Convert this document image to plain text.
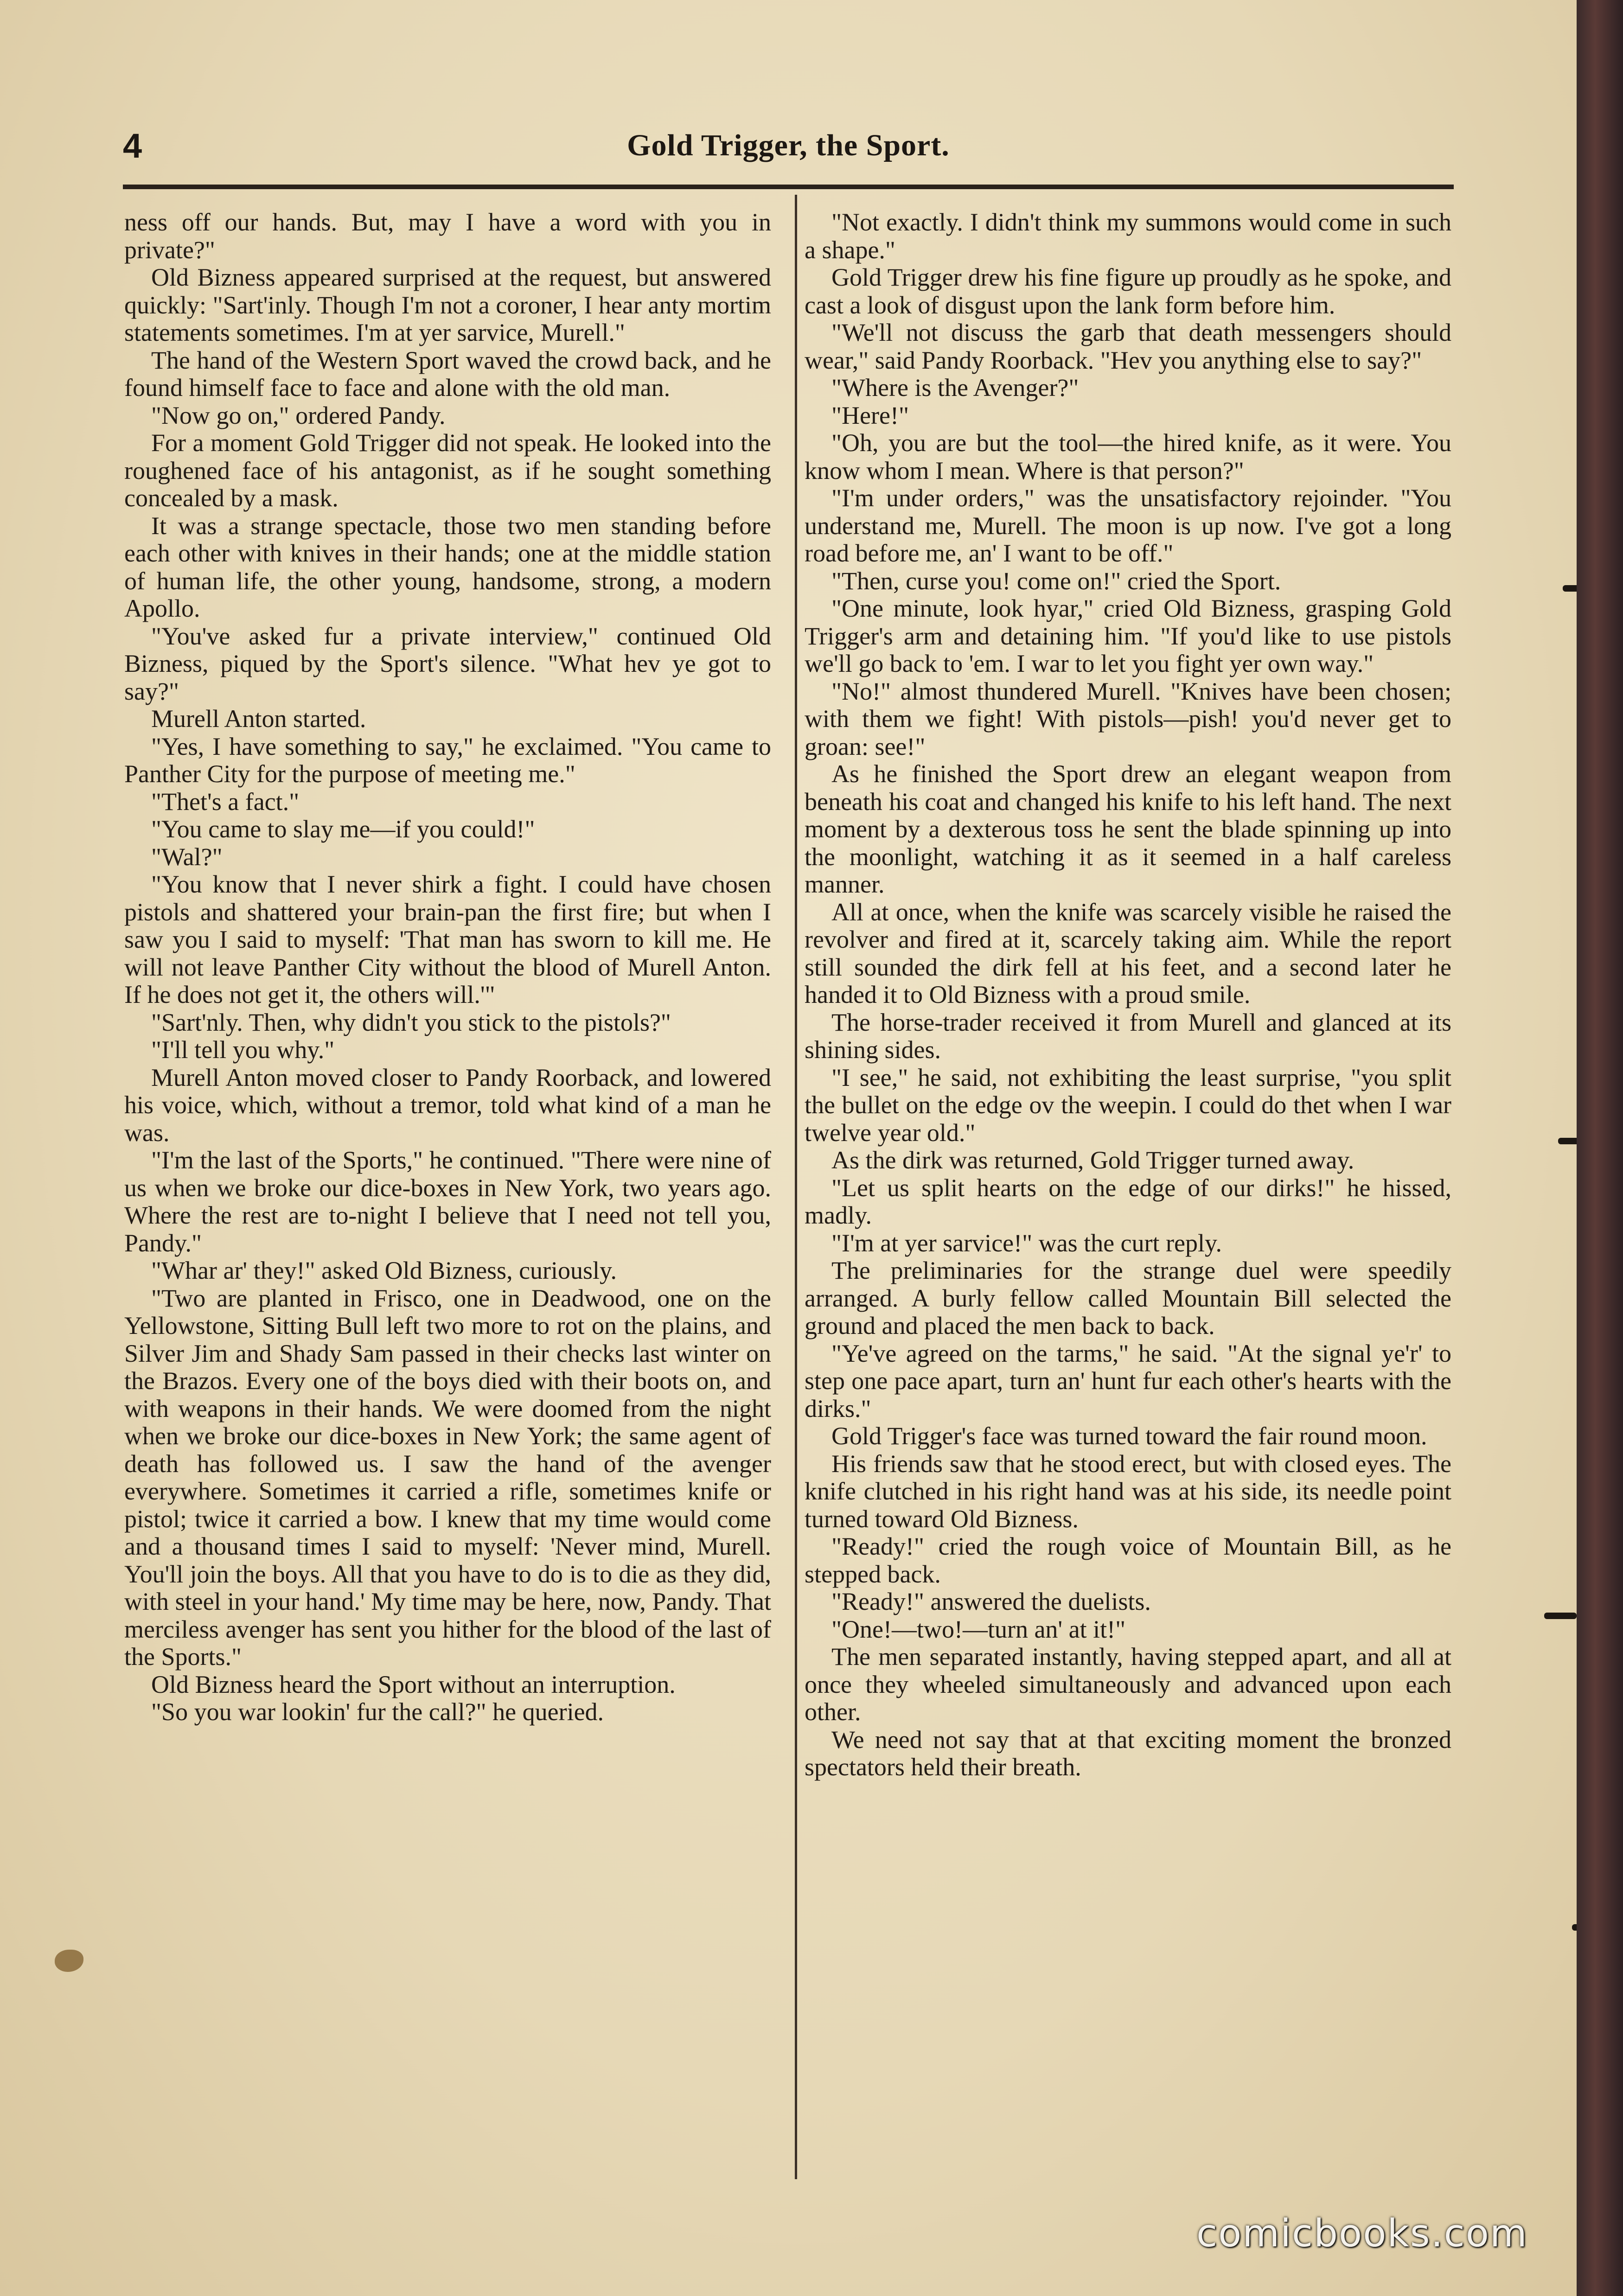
4	Gold Trigger, the Sport.

ness off our hands. But, may I have a word with you in private?"

Old Bizness appeared surprised at the request, but answered quickly: "Sart'inly. Though I'm not a coroner, I hear anty mortim statements sometimes. I'm at yer sarvice, Murell."

The hand of the Western Sport waved the crowd back, and he found himself face to face and alone with the old man.

"Now go on," ordered Pandy.

For a moment Gold Trigger did not speak. He looked into the roughened face of his antagonist, as if he sought something concealed by a mask.

It was a strange spectacle, those two men standing before each other with knives in their hands; one at the middle station of human life, the other young, handsome, strong, a modern Apollo.

"You've asked fur a private interview," continued Old Bizness, piqued by the Sport's silence. "What hev ye got to say?"

Murell Anton started.

"Yes, I have something to say," he exclaimed. "You came to Panther City for the purpose of meeting me."

"Thet's a fact."

"You came to slay me—if you could!"

"Wal?"

"You know that I never shirk a fight. I could have chosen pistols and shattered your brain-pan the first fire; but when I saw you I said to myself: 'That man has sworn to kill me. He will not leave Panther City without the blood of Murell Anton. If he does not get it, the others will.'"

"Sart'nly. Then, why didn't you stick to the pistols?"

"I'll tell you why."

Murell Anton moved closer to Pandy Roorback, and lowered his voice, which, without a tremor, told what kind of a man he was.

"I'm the last of the Sports," he continued. "There were nine of us when we broke our dice-boxes in New York, two years ago. Where the rest are to-night I believe that I need not tell you, Pandy."

"Whar ar' they!" asked Old Bizness, curiously.

"Two are planted in Frisco, one in Deadwood, one on the Yellowstone, Sitting Bull left two more to rot on the plains, and Silver Jim and Shady Sam passed in their checks last winter on the Brazos. Every one of the boys died with their boots on, and with weapons in their hands. We were doomed from the night when we broke our dice-boxes in New York; the same agent of death has followed us. I saw the hand of the avenger everywhere. Sometimes it carried a rifle, sometimes knife or pistol; twice it carried a bow. I knew that my time would come and a thousand times I said to myself: 'Never mind, Murell. You'll join the boys. All that you have to do is to die as they did, with steel in your hand.' My time may be here, now, Pandy. That merciless avenger has sent you hither for the blood of the last of the Sports."

Old Bizness heard the Sport without an interruption.

"So you war lookin' fur the call?" he queried.

"Not exactly. I didn't think my summons would come in such a shape."

Gold Trigger drew his fine figure up proudly as he spoke, and cast a look of disgust upon the lank form before him.

"We'll not discuss the garb that death messengers should wear," said Pandy Roorback. "Hev you anything else to say?"

"Where is the Avenger?"

"Here!"

"Oh, you are but the tool—the hired knife, as it were. You know whom I mean. Where is that person?"

"I'm under orders," was the unsatisfactory rejoinder. "You understand me, Murell. The moon is up now. I've got a long road before me, an' I want to be off."

"Then, curse you! come on!" cried the Sport.

"One minute, look hyar," cried Old Bizness, grasping Gold Trigger's arm and detaining him. "If you'd like to use pistols we'll go back to 'em. I war to let you fight yer own way."

"No!" almost thundered Murell. "Knives have been chosen; with them we fight! With pistols—pish! you'd never get to groan: see!"

As he finished the Sport drew an elegant weapon from beneath his coat and changed his knife to his left hand. The next moment by a dexterous toss he sent the blade spinning up into the moonlight, watching it as it seemed in a half careless manner.

All at once, when the knife was scarcely visible he raised the revolver and fired at it, scarcely taking aim. While the report still sounded the dirk fell at his feet, and a second later he handed it to Old Bizness with a proud smile.

The horse-trader received it from Murell and glanced at its shining sides.

"I see," he said, not exhibiting the least surprise, "you split the bullet on the edge ov the weepin. I could do thet when I war twelve year old."

As the dirk was returned, Gold Trigger turned away.

"Let us split hearts on the edge of our dirks!" he hissed, madly.

"I'm at yer sarvice!" was the curt reply.

The preliminaries for the strange duel were speedily arranged. A burly fellow called Mountain Bill selected the ground and placed the men back to back.

"Ye've agreed on the tarms," he said. "At the signal ye'r' to step one pace apart, turn an' hunt fur each other's hearts with the dirks."

Gold Trigger's face was turned toward the fair round moon.

His friends saw that he stood erect, but with closed eyes. The knife clutched in his right hand was at his side, its needle point turned toward Old Bizness.

"Ready!" cried the rough voice of Mountain Bill, as he stepped back.

"Ready!" answered the duelists.

"One!—two!—turn an' at it!"

The men separated instantly, having stepped apart, and all at once they wheeled simultaneously and advanced upon each other.

We need not say that at that exciting moment the bronzed spectators held their breath.

comicbooks.com
